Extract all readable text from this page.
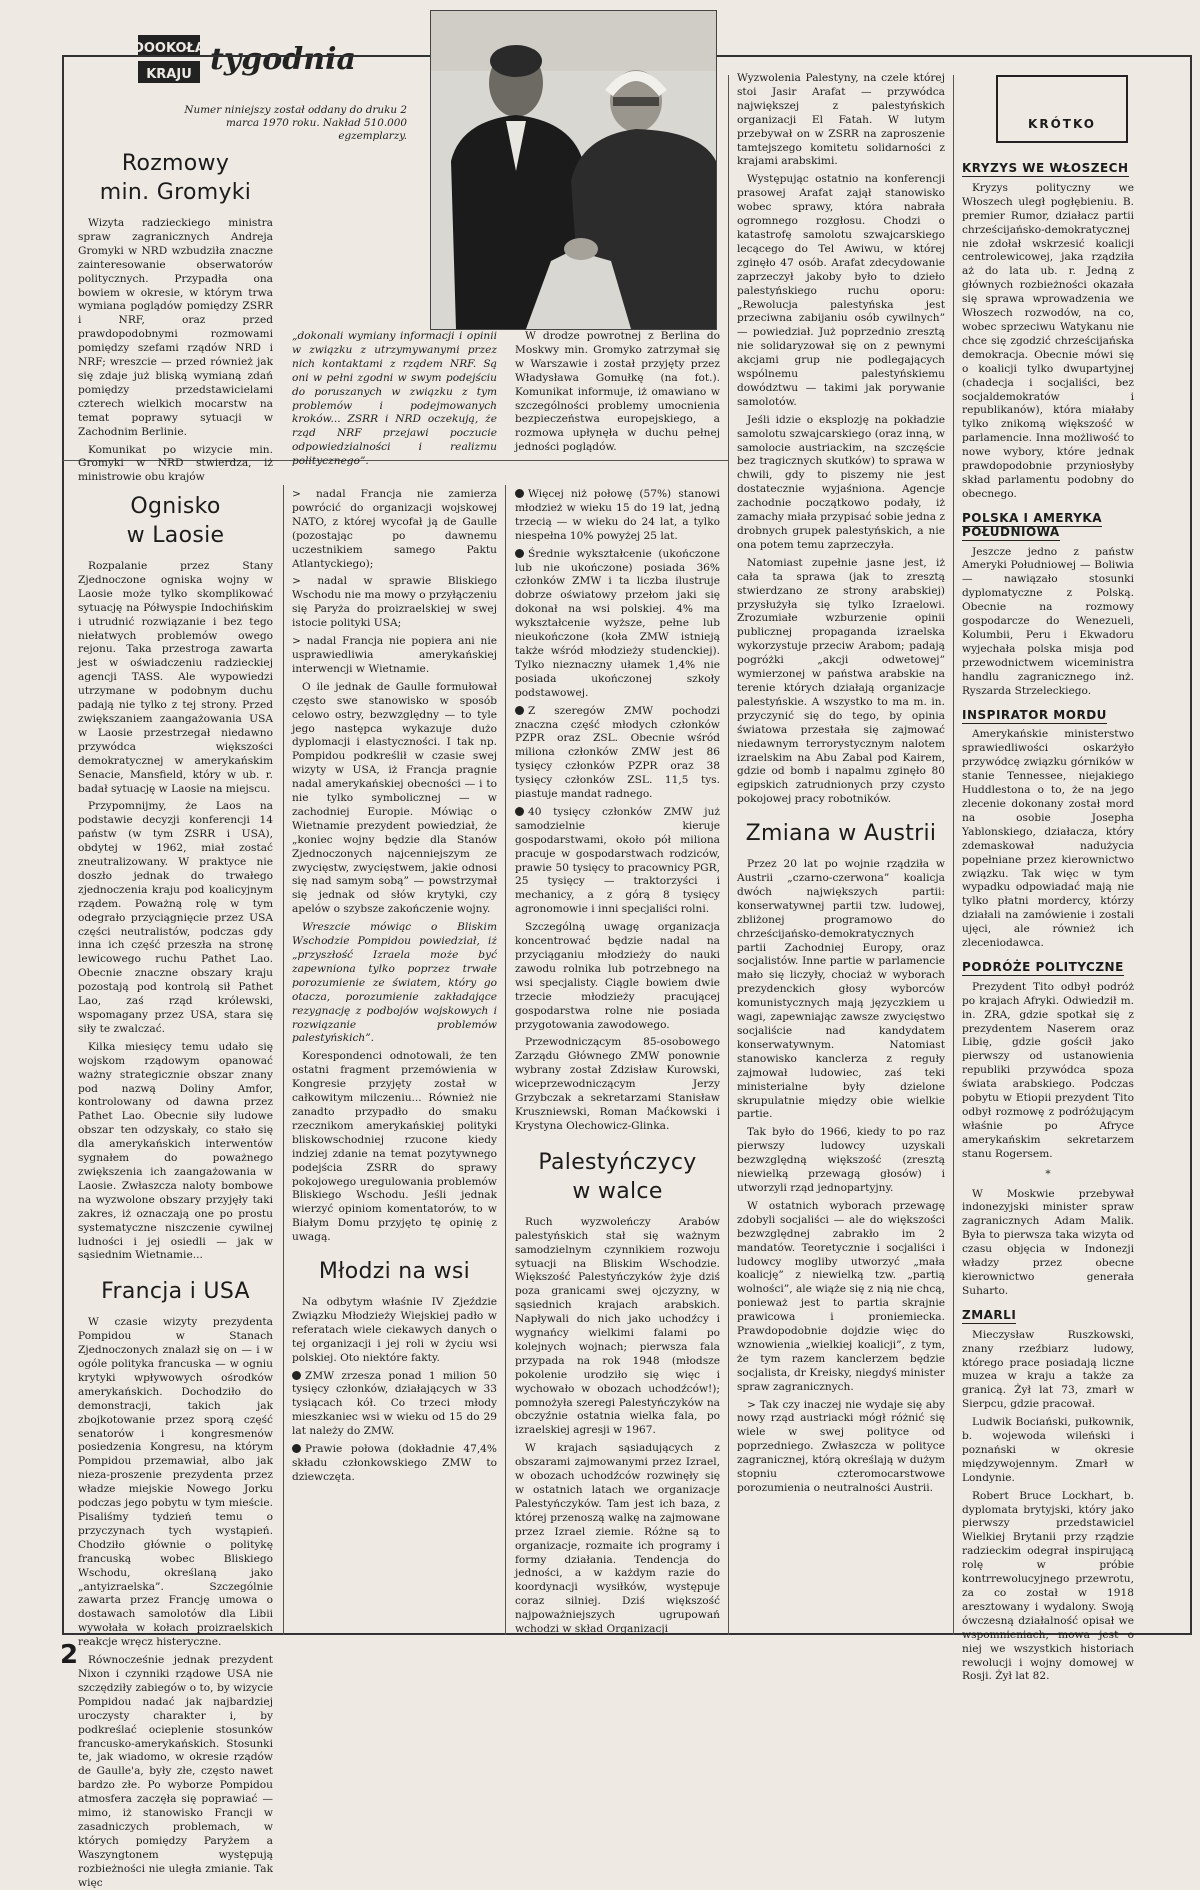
DOOKOŁA
KRAJU tygodnia
Numer niniejszy został oddany do druku 2 marca 1970 roku. Nakład 510.000 egzemplarzy.
Rozmowy
min. Gromyki

Wizyta radzieckiego ministra spraw zagranicznych Andreja Gromyki w NRD wzbudziła znaczne zainteresowanie obserwatorów politycznych. Przypadła ona bowiem w okresie, w którym trwa wymiana poglądów pomiędzy ZSRR i NRF, oraz przed prawdopodobnymi rozmowami pomiędzy szefami rządów NRD i NRF; wreszcie — przed również jak się zdaje już bliską wymianą zdań pomiędzy przedstawicielami czterech wielkich mocarstw na temat poprawy sytuacji w Zachodnim Berlinie.

Komunikat po wizycie min. Gromyki w NRD stwierdza, iż ministrowie obu krajów

„dokonali wymiany informacji i opinii w związku z utrzymywanymi przez nich kontaktami z rządem NRF. Są oni w pełni zgodni w swym podejściu do poruszanych w związku z tym problemów i podejmowanych kroków... ZSRR i NRD oczekują, że rząd NRF przejawi poczucie odpowiedzialności i realizmu politycznego”.

W drodze powrotnej z Berlina do Moskwy min. Gromyko zatrzymał się w Warszawie i został przyjęty przez Władysława Gomułkę (na fot.). Komunikat informuje, iż omawiano w szczególności problemy umocnienia bezpieczeństwa europejskiego, a rozmowa upłynęła w duchu pełnej jedności poglądów.

Ognisko
w Laosie

Rozpalanie przez Stany Zjednoczone ogniska wojny w Laosie może tylko skomplikować sytuację na Półwyspie Indochińskim i utrudnić rozwiązanie i bez tego niełatwych problemów owego rejonu. Taka przestroga zawarta jest w oświadczeniu radzieckiej agencji TASS. Ale wypowiedzi utrzymane w podobnym duchu padają nie tylko z tej strony. Przed zwiększaniem zaangażowania USA w Laosie przestrzegał niedawno przywódca większości demokratycznej w amerykańskim Senacie, Mansfield, który w ub. r. badał sytuację w Laosie na miejscu.

Przypomnijmy, że Laos na podstawie decyzji konferencji 14 państw (w tym ZSRR i USA), obdytej w 1962, miał zostać zneutralizowany. W praktyce nie doszło jednak do trwałego zjednoczenia kraju pod koalicyjnym rządem. Poważną rolę w tym odegrało przyciągnięcie przez USA części neutralistów, podczas gdy inna ich część przeszła na stronę lewicowego ruchu Pathet Lao. Obecnie znaczne obszary kraju pozostają pod kontrolą sił Pathet Lao, zaś rząd królewski, wspomagany przez USA, stara się siły te zwalczać.

Kilka miesięcy temu udało się wojskom rządowym opanować ważny strategicznie obszar znany pod nazwą Doliny Amfor, kontrolowany od dawna przez Pathet Lao. Obecnie siły ludowe obszar ten odzyskały, co stało się dla amerykańskich interwentów sygnałem do poważnego zwiększenia ich zaangażowania w Laosie. Zwłaszcza naloty bombowe na wyzwolone obszary przyjęły taki zakres, iż oznaczają one po prostu systematyczne niszczenie cywilnej ludności i jej osiedli — jak w sąsiednim Wietnamie...

Francja i USA

W czasie wizyty prezydenta Pompidou w Stanach Zjednoczonych znalazł się on — i w ogóle polityka francuska — w ogniu krytyki wpływowych ośrodków amerykańskich. Dochodziło do demonstracji, takich jak zbojkotowanie przez sporą część senatorów i kongresmenów posiedzenia Kongresu, na którym Pompidou przemawiał, albo jak nieza-proszenie prezydenta przez władze miejskie Nowego Jorku podczas jego pobytu w tym mieście. Pisaliśmy tydzień temu o przyczynach tych wystąpień. Chodziło głównie o politykę francuską wobec Bliskiego Wschodu, określaną jako „antyizraelska”. Szczególnie zawarta przez Francję umowa o dostawach samolotów dla Libii wywołała w kołach proizraelskich reakcje wręcz histeryczne.

Równocześnie jednak prezydent Nixon i czynniki rządowe USA nie szczędziły zabiegów o to, by wizycie Pompidou nadać jak najbardziej uroczysty charakter i, by podkreślać ocieplenie stosunków francusko-amerykańskich. Stosunki te, jak wiadomo, w okresie rządów de Gaulle'a, były złe, często nawet bardzo złe. Po wyborze Pompidou atmosfera zaczęła się poprawiać — mimo, iż stanowisko Francji w zasadniczych problemach, w których pomiędzy Paryżem a Waszyngtonem występują rozbieżności nie uległa zmianie. Tak więc

> nadal Francja nie zamierza powrócić do organizacji wojskowej NATO, z której wycofał ją de Gaulle (pozostając po dawnemu uczestnikiem samego Paktu Atlantyckiego);

> nadal w sprawie Bliskiego Wschodu nie ma mowy o przyłączeniu się Paryża do proizraelskiej w swej istocie polityki USA;

> nadal Francja nie popiera ani nie usprawiedliwia amerykańskiej interwencji w Wietnamie.

O ile jednak de Gaulle formułował często swe stanowisko w sposób celowo ostry, bezwzględny — to tyle jego następca wykazuje dużo dyplomacji i elastyczności. I tak np. Pompidou podkreślił w czasie swej wizyty w USA, iż Francja pragnie nadal amerykańskiej obecności — i to nie tylko symbolicznej — w zachodniej Europie. Mówiąc o Wietnamie prezydent powiedział, że „koniec wojny będzie dla Stanów Zjednoczonych najcenniejszym ze zwycięstw, zwycięstwem, jakie odnosi się nad samym sobą” — powstrzymał się jednak od słów krytyki, czy apelów o szybsze zakończenie wojny.

Wreszcie mówiąc o Bliskim Wschodzie Pompidou powiedział, iż „przyszłość Izraela może być zapewniona tylko poprzez trwałe porozumienie ze światem, który go otacza, porozumienie zakładające rezygnację z podbojów wojskowych i rozwiązanie problemów palestyńskich”.

Korespondenci odnotowali, że ten ostatni fragment przemówienia w Kongresie przyjęty został w całkowitym milczeniu... Również nie zanadto przypadło do smaku rzecznikom amerykańskiej polityki bliskowschodniej rzucone kiedy indziej zdanie na temat pozytywnego podejścia ZSRR do sprawy pokojowego uregulowania problemów Bliskiego Wschodu. Jeśli jednak wierzyć opiniom komentatorów, to w Białym Domu przyjęto tę opinię z uwagą.

Młodzi na wsi

Na odbytym właśnie IV Zjeździe Związku Młodzieży Wiejskiej padło w referatach wiele ciekawych danych o tej organizacji i jej roli w życiu wsi polskiej. Oto niektóre fakty.

ZMW zrzesza ponad 1 milion 50 tysięcy członków, działających w 33 tysiącach kół. Co trzeci młody mieszkaniec wsi w wieku od 15 do 29 lat należy do ZMW.

Prawie połowa (dokładnie 47,4% składu członkowskiego ZMW to dziewczęta.

Więcej niż połowę (57%) stanowi młodzież w wieku 15 do 19 lat, jedną trzecią — w wieku do 24 lat, a tylko niespełna 10% powyżej 25 lat.

Średnie wykształcenie (ukończone lub nie ukończone) posiada 36% członków ZMW i ta liczba ilustruje dobrze oświatowy przełom jaki się dokonał na wsi polskiej. 4% ma wykształcenie wyższe, pełne lub nieukończone (koła ZMW istnieją także wśród młodzieży studenckiej). Tylko nieznaczny ułamek 1,4% nie posiada ukończonej szkoły podstawowej.

Z szeregów ZMW pochodzi znaczna część młodych członków PZPR oraz ZSL. Obecnie wśród miliona członków ZMW jest 86 tysięcy członków PZPR oraz 38 tysięcy członków ZSL. 11,5 tys. piastuje mandat radnego.

40 tysięcy członków ZMW już samodzielnie kieruje gospodarstwami, około pół miliona pracuje w gospodarstwach rodziców, prawie 50 tysięcy to pracownicy PGR, 25 tysięcy — traktorzyści i mechanicy, a z górą 8 tysięcy agronomowie i inni specjaliści rolni.

Szczególną uwagę organizacja koncentrować będzie nadal na przyciąganiu młodzieży do nauki zawodu rolnika lub potrzebnego na wsi specjalisty. Ciągle bowiem dwie trzecie młodzieży pracującej gospodarstwa rolne nie posiada przygotowania zawodowego.

Przewodniczącym 85-osobowego Zarządu Głównego ZMW ponownie wybrany został Zdzisław Kurowski, wiceprzewodniczącym Jerzy Grzybczak a sekretarzami Stanisław Kruszniewski, Roman Maćkowski i Krystyna Olechowicz-Glinka.

Palestyńczycy
w walce

Ruch wyzwoleńczy Arabów palestyńskich stał się ważnym samodzielnym czynnikiem rozwoju sytuacji na Bliskim Wschodzie. Większość Palestyńczyków żyje dziś poza granicami swej ojczyzny, w sąsiednich krajach arabskich. Napływali do nich jako uchodźcy i wygnańcy wielkimi falami po kolejnych wojnach; pierwsza fala przypada na rok 1948 (młodsze pokolenie urodziło się więc i wychowało w obozach uchodźców!); pomnożyła szeregi Palestyńczyków na obczyźnie ostatnia wielka fala, po izraelskiej agresji w 1967.

W krajach sąsiadujących z obszarami zajmowanymi przez Izrael, w obozach uchodźców rozwinęły się w ostatnich latach we organizacje Palestyńczyków. Tam jest ich baza, z której przenoszą walkę na zajmowane przez Izrael ziemie. Różne są to organizacje, rozmaite ich programy i formy działania. Tendencja do jedności, a w każdym razie do koordynacji wysiłków, występuje coraz silniej. Dziś większość najpoważniejszych ugrupowań wchodzi w skład Organizacji

Wyzwolenia Palestyny, na czele której stoi Jasir Arafat — przywódca największej z palestyńskich organizacji El Fatah. W lutym przebywał on w ZSRR na zaproszenie tamtejszego komitetu solidarności z krajami arabskimi.

Występując ostatnio na konferencji prasowej Arafat zajął stanowisko wobec sprawy, która nabrała ogromnego rozgłosu. Chodzi o katastrofę samolotu szwajcarskiego lecącego do Tel Awiwu, w której zginęło 47 osób. Arafat zdecydowanie zaprzeczył jakoby było to dzieło palestyńskiego ruchu oporu: „Rewolucja palestyńska jest przeciwna zabijaniu osób cywilnych” — powiedział. Już poprzednio zresztą nie solidaryzował się on z pewnymi akcjami grup nie podlegających wspólnemu palestyńskiemu dowództwu — takimi jak porywanie samolotów.

Jeśli idzie o eksplozję na pokładzie samolotu szwajcarskiego (oraz inną, w samolocie austriackim, na szczęście bez tragicznych skutków) to sprawa w chwili, gdy to piszemy nie jest dostatecznie wyjaśniona. Agencje zachodnie początkowo podały, iż zamachy miała przypisać sobie jedna z drobnych grupek palestyńskich, a nie ona potem temu zaprzeczyła.

Natomiast zupełnie jasne jest, iż cała ta sprawa (jak to zresztą stwierdzano ze strony arabskiej) przysłużyła się tylko Izraelowi. Zrozumiałe wzburzenie opinii publicznej propagandа izraelska wykorzystuje przeciw Arabom; padają pogróżki „akcji odwetowej” wymierzonej w państwa arabskie na terenie których działają organizacje palestyńskie. A wszystko to ma m. in. przyczynić się do tego, by opinia światowa przestała się zajmować niedawnym terrorystycznym nalotem izraelskim na Abu Zabal pod Kairem, gdzie od bomb i napalmu zginęło 80 egipskich zatrudnionych przy czysto pokojowej pracy robotników.

Zmiana w Austrii

Przez 20 lat po wojnie rządziła w Austrii „czarno-czerwona” koalicja dwóch największych partii: konserwatywnej partii tzw. ludowej, zbliżonej programowo do chrześcijańsko-demokratycznych partii Zachodniej Europy, oraz socjalistów. Inne partie w parlamencie mało się liczyły, chociaż w wyborach prezydenckich głosy wyborców komunistycznych mają języczkiem u wagi, zapewniając zawsze zwycięstwo socjaliście nad kandydatem konserwatywnym. Natomiast stanowisko kanclerza z reguły zajmował ludowiec, zaś teki ministerialne były dzielone skrupulatnie między obie wielkie partie.

Tak było do 1966, kiedy to po raz pierwszy ludowcy uzyskali bezwzględną większość (zresztą niewielką przewagą głosów) i utworzyli rząd jednopartyjny.

W ostatnich wyborach przewagę zdobyli socjaliści — ale do większości bezwzględnej zabrakło im 2 mandatów. Teoretycznie i socjaliści i ludowcy mogliby utworzyć „mała koalicję” z niewielką tzw. „partią wolności”, ale wiąże się z nią nie chcą, ponieważ jest to partia skrajnie prawicowa i proniemiecka. Prawdopodobnie dojdzie więc do wznowienia „wielkiej koalicji”, z tym, że tym razem kanclerzem będzie socjalista, dr Kreisky, niegdyś minister spraw zagranicznych.

> Tak czy inaczej nie wydaje się aby nowy rząd austriacki mógł różnić się wiele w swej polityce od poprzedniego. Zwłaszcza w polityce zagranicznej, którą określają w dużym stopniu czteromocarstwowe porozumienia o neutralności Austrii.

KRÓTKO
KRYZYS WE WŁOSZECH

Kryzys polityczny we Włoszech uległ pogłębieniu. B. premier Rumor, działacz partii chrześcijańsko-demokratycznej nie zdołał wskrzesić koalicji centrolewicowej, jaka rządziła aż do lata ub. r. Jedną z głównych rozbieżności okazała się sprawa wprowadzenia we Włoszech rozwodów, na co, wobec sprzeciwu Watykanu nie chce się zgodzić chrześcijańska demokracja. Obecnie mówi się o koalicji tylko dwupartyjnej (chadecja i socjaliści, bez socjaldemokratów i republikanów), która miałaby tylko znikomą większość w parlamencie. Inna możliwość to nowe wybory, które jednak prawdopodobnie przyniosłyby skład parlamentu podobny do obecnego.

POLSKA I AMERYKA
POŁUDNIOWA

Jeszcze jedno z państw Ameryki Południowej — Boliwia — nawiązało stosunki dyplomatyczne z Polską. Obecnie na rozmowy gospodarcze do Wenezueli, Kolumbii, Peru i Ekwadoru wyjechała polska misja pod przewodnictwem wiceministra handlu zagranicznego inż. Ryszarda Strzeleckiego.

INSPIRATOR MORDU

Amerykańskie ministerstwo sprawiedliwości oskarżyło przywódcę związku górników w stanie Tennessee, niejakiego Huddlestona o to, że na jego zlecenie dokonany został mord na osobie Josepha Yablonskiego, działacza, który zdemaskował nadużycia popełniane przez kierownictwo związku. Tak więc w tym wypadku odpowiadać mają nie tylko płatni mordercy, którzy działali na zamówienie i zostali ujęci, ale również ich zleceniodawca.

PODRÓŻE POLITYCZNE

Prezydent Tito odbył podróż po krajach Afryki. Odwiedził m. in. ZRA, gdzie spotkał się z prezydentem Naserem oraz Libię, gdzie gościł jako pierwszy od ustanowienia republiki przywódca spoza świata arabskiego. Podczas pobytu w Etiopii prezydent Tito odbył rozmowę z podróżującym właśnie po Afryce amerykańskim sekretarzem stanu Rogersem.

*

W Moskwie przebywał indonezyjski minister spraw zagranicznych Adam Malik. Była to pierwsza taka wizyta od czasu objęcia w Indonezji władzy przez obecne kierownictwo generała Suharto.

ZMARLI

Mieczysław Ruszkowski, znany rzeźbiarz ludowy, którego prace posiadają liczne muzea w kraju a także za granicą. Żył lat 73, zmarł w Sierpcu, gdzie pracował.

Ludwik Bociański, pułkownik, b. wojewoda wileński i poznański w okresie międzywojennym. Zmarł w Londynie.

Robert Bruce Lockhart, b. dyplomata brytyjski, który jako pierwszy przedstawiciel Wielkiej Brytanii przy rządzie radzieckim odegrał inspirującą rolę w próbie kontrrewolucyjnego przewrotu, za co został w 1918 aresztowany i wydalony. Swoją ówczesną działalność opisał we wspomnieniach, mowa jest o niej we wszystkich historiach rewolucji i wojny domowej w Rosji. Żył lat 82.

2
